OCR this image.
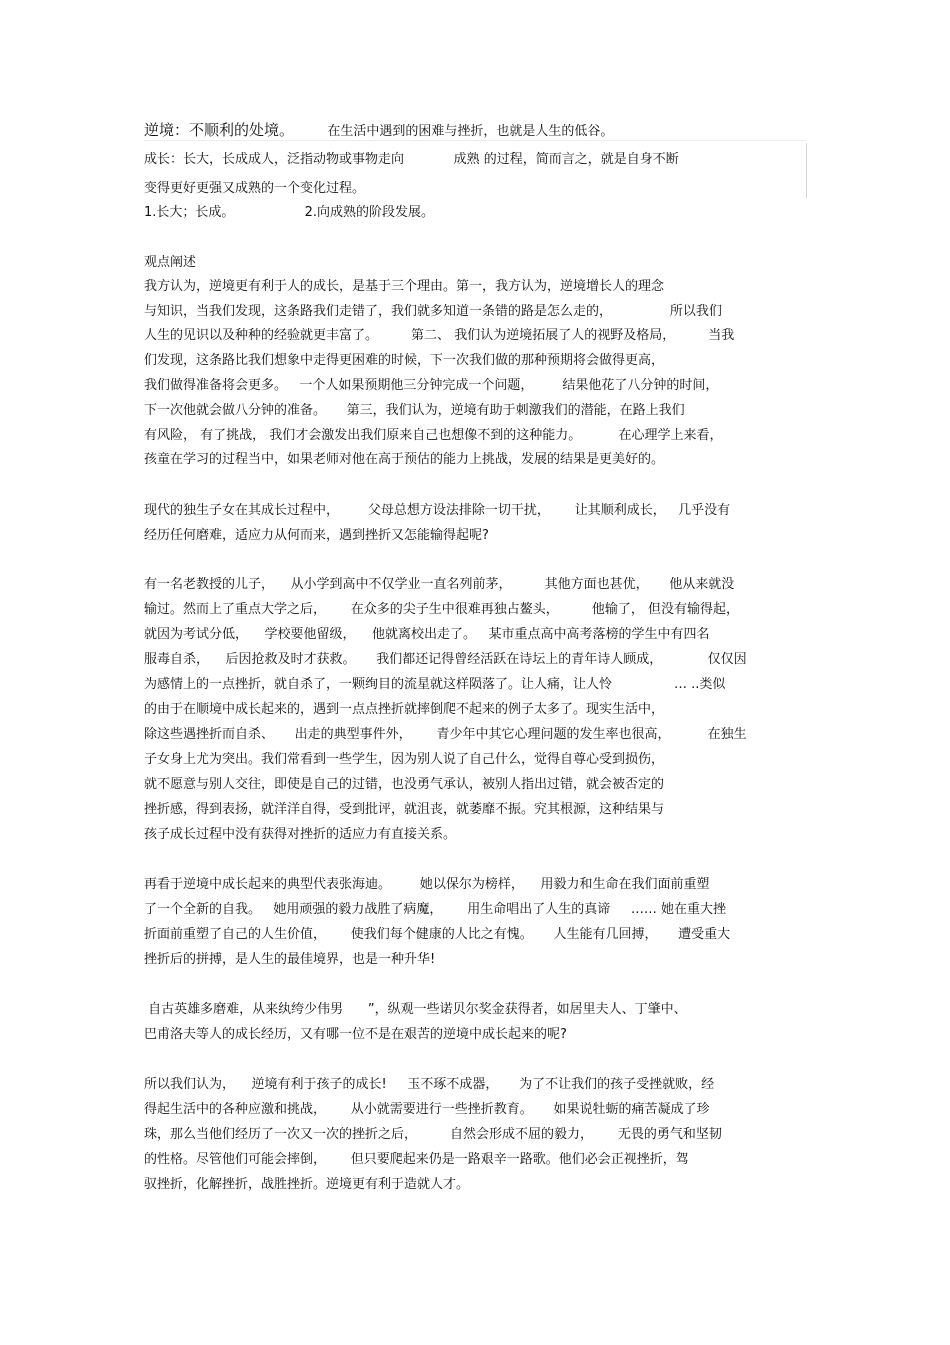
逆境：不顺利的处境。	在生活中遇到的困难与挫折，也就是人生的低谷。
成长：长大，长成成人，泛指动物或事物走向            成熟 的过程，简而言之，就是自身不断
变得更好更强又成熟的一个变化过程。
1.长大；长成。                 2.向成熟的阶段发展。
观点阐述
我方认为，逆境更有利于人的成长，是基于三个理由。第一，我方认为，逆境增长人的理念
与知识，当我们发现，这条路我们走错了，我们就多知道一条错的路是怎么走的，              所以我们
人生的见识以及种种的经验就更丰富了。        第二、 我们认为逆境拓展了人的视野及格局，        当我
们发现，这条路比我们想象中走得更困难的时候，下一次我们做的那种预期将会做得更高，
我们做得准备将会更多。   一个人如果预期他三分钟完成一个问题，       结果他花了八分钟的时间，
下一次他就会做八分钟的准备。     第三，我们认为，逆境有助于刺激我们的潜能，在路上我们
有风险， 有了挑战， 我们才会激发出我们原来自己也想像不到的这种能力。         在心理学上来看，
孩童在学习的过程当中，如果老师对他在高于预估的能力上挑战，发展的结果是更美好的。
现代的独生子女在其成长过程中，       父母总想方设法排除一切干扰，      让其顺利成长，   几乎没有
经历任何磨难，适应力从何而来，遇到挫折又怎能输得起呢?
有一名老教授的儿子，    从小学到高中不仅学业一直名列前茅，        其他方面也甚优，     他从来就没
输过。然而上了重点大学之后，      在众多的尖子生中很难再独占鳌头，        他输了， 但没有输得起，
就因为考试分低，    学校要他留级，    他就离校出走了。   某市重点高中高考落榜的学生中有四名
服毒自杀，    后因抢救及时才获救。     我们都还记得曾经活跃在诗坛上的青年诗人顾成，           仅仅因
为感情上的一点挫折，就自杀了，一颗绚目的流星就这样陨落了。让人痛，让人怜               … ..类似
的由于在顺境中成长起来的，遇到一点点挫折就摔倒爬不起来的例子太多了。现实生活中，
除这些遇挫折而自杀、     出走的典型事件外，      青少年中其它心理问题的发生率也很高，         在独生
子女身上尤为突出。我们常看到一些学生，因为别人说了自己什么，觉得自尊心受到损伤，
就不愿意与别人交往，即使是自己的过错，也没勇气承认，被别人指出过错，就会被否定的
挫折感，得到表扬，就洋洋自得，受到批评，就沮丧，就萎靡不振。究其根源，这种结果与
孩子成长过程中没有获得对挫折的适应力有直接关系。
再看于逆境中成长起来的典型代表张海迪。       她以保尔为榜样，    用毅力和生命在我们面前重塑
了一个全新的自我。   她用顽强的毅力战胜了病魔，      用生命唱出了人生的真谛     …… 她在重大挫
折面前重塑了自己的人生价值，      使我们每个健康的人比之有愧。     人生能有几回搏，     遭受重大
挫折后的拼搏，是人生的最佳境界，也是一种升华!
自古英雄多磨难，从来纨绔少伟男      ”，纵观一些诺贝尔奖金获得者，如居里夫人、丁肇中、
巴甫洛夫等人的成长经历，又有哪一位不是在艰苦的逆境中成长起来的呢?
所以我们认为，    逆境有利于孩子的成长!     玉不琢不成器，     为了不让我们的孩子受挫就败，经
得起生活中的各种应激和挑战，      从小就需要进行一些挫折教育。     如果说牡蛎的痛苦凝成了珍
珠，那么当他们经历了一次又一次的挫折之后，        自然会形成不屈的毅力，      无畏的勇气和坚韧
的性格。尽管他们可能会摔倒，      但只要爬起来仍是一路艰辛一路歌。他们必会正视挫折，驾
驭挫折，化解挫折，战胜挫折。逆境更有利于造就人才。
